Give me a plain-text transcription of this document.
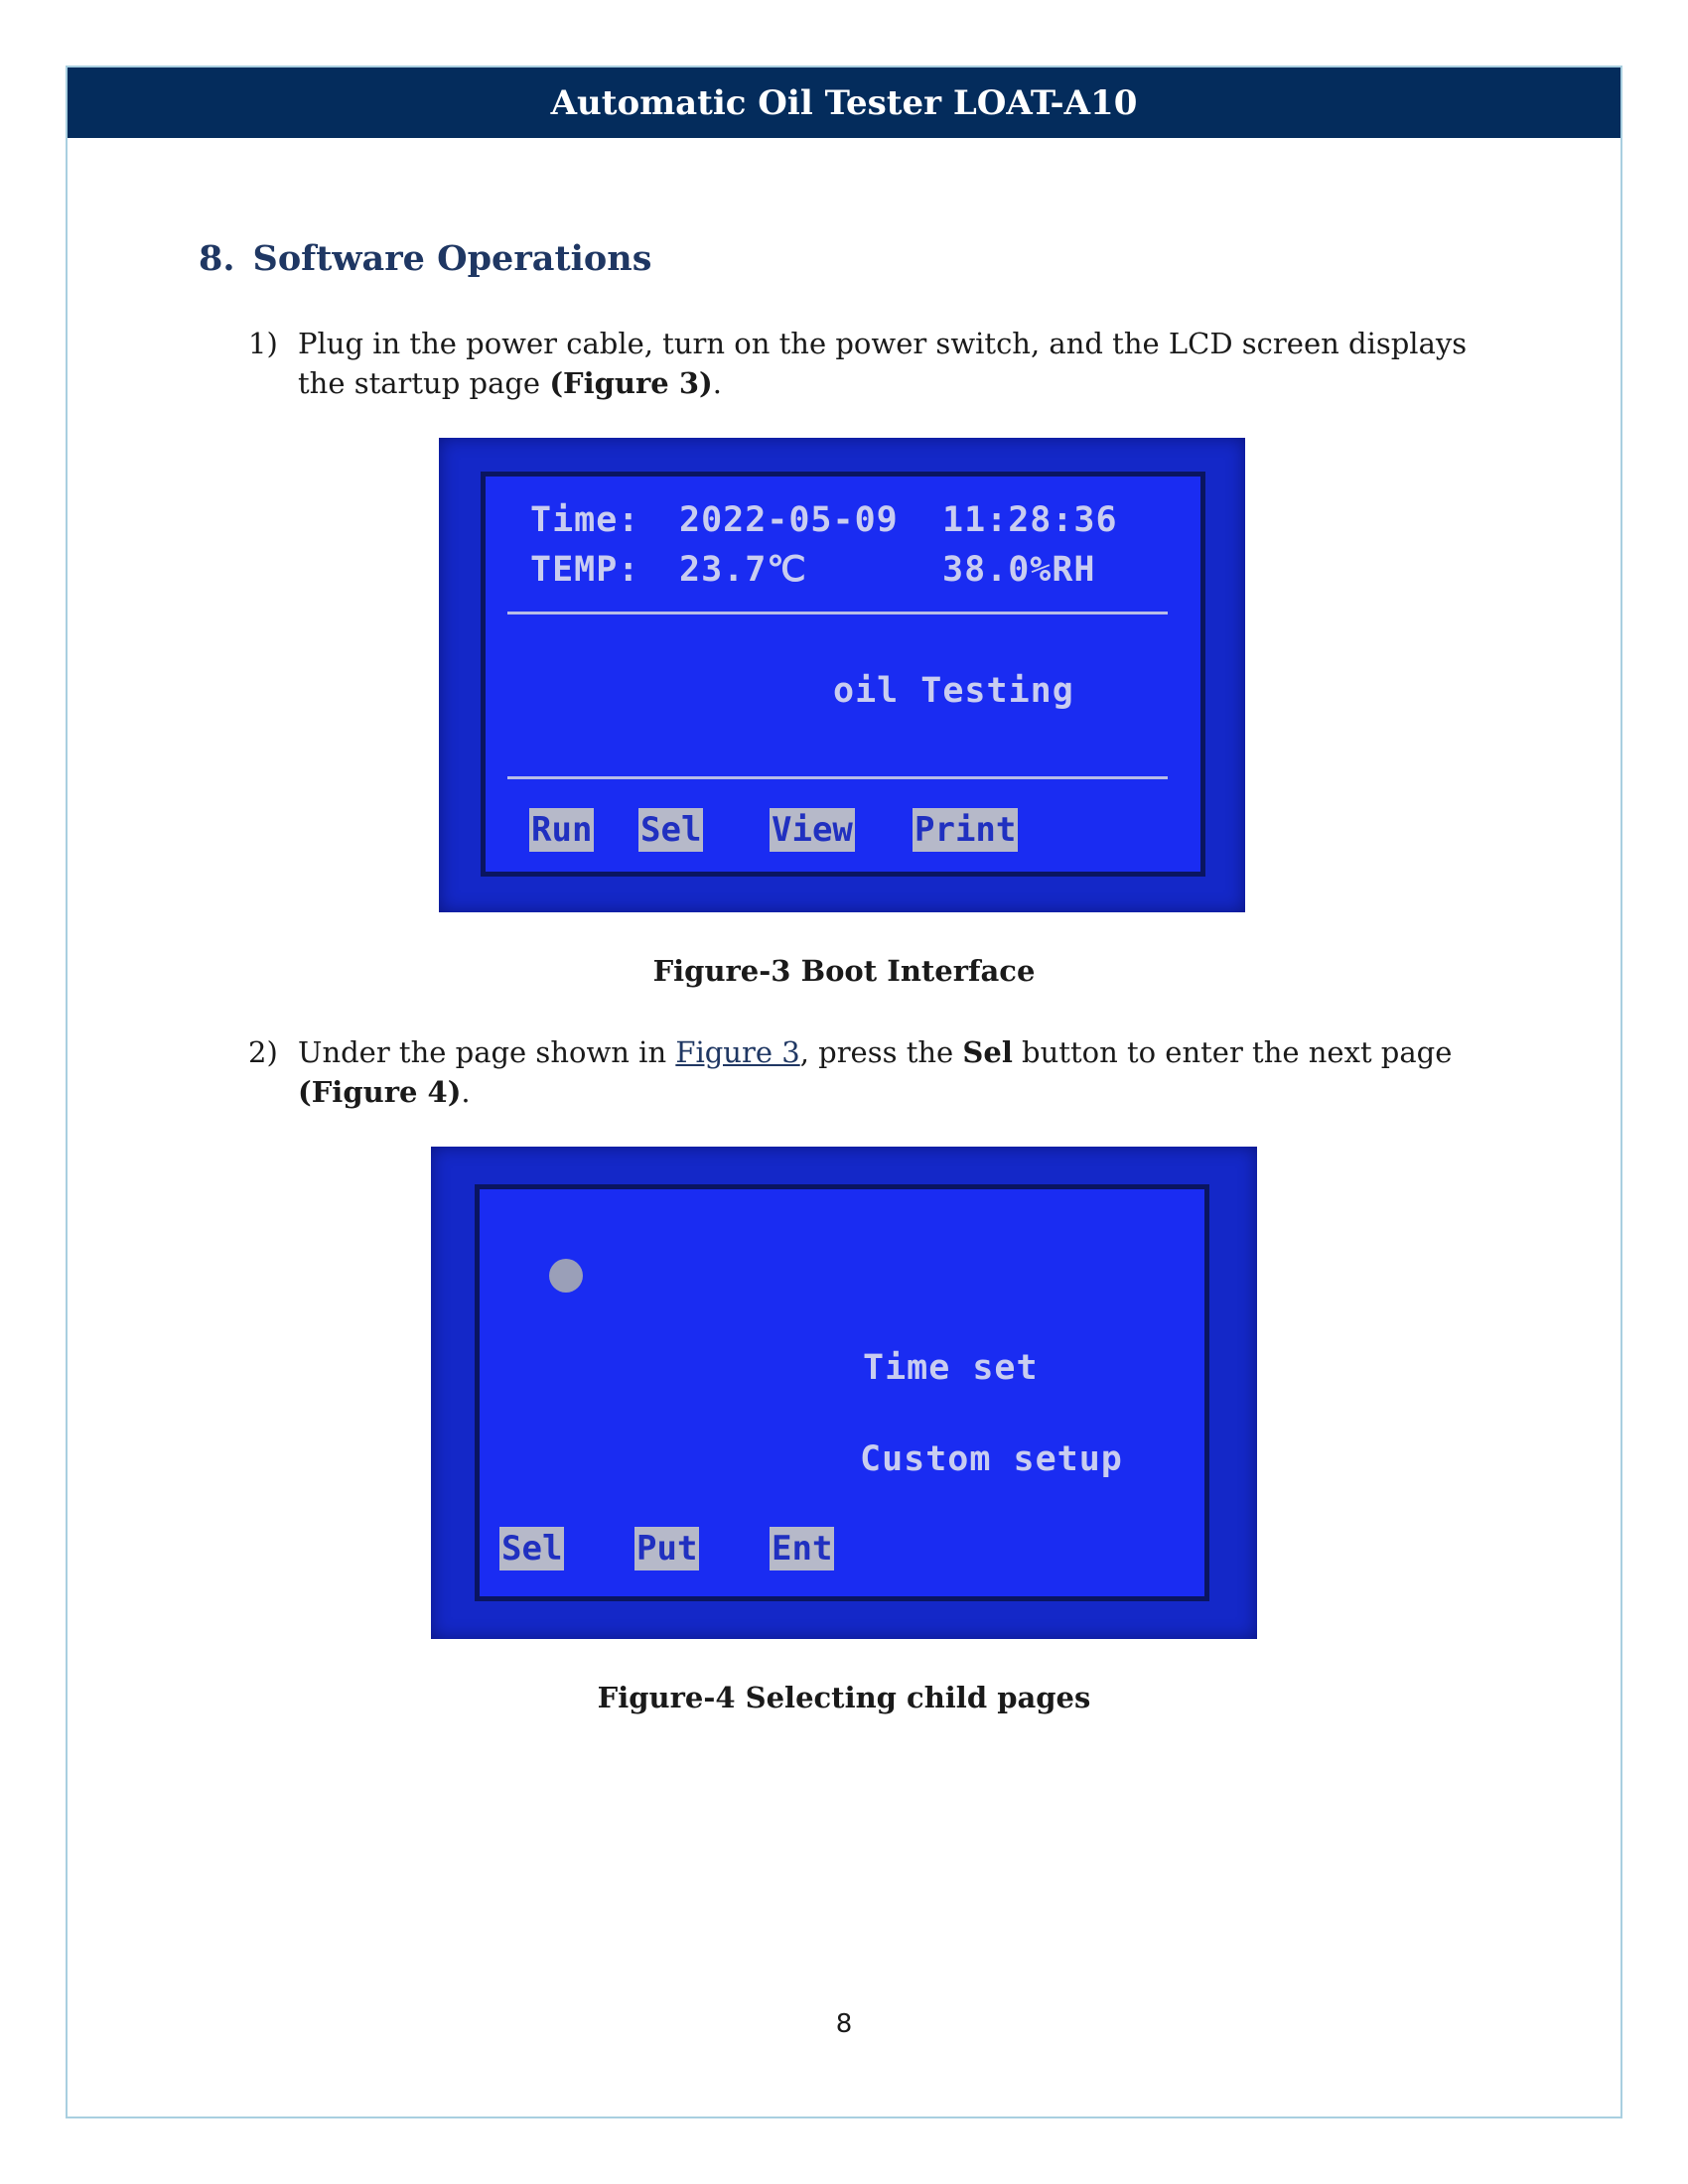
Automatic Oil Tester LOAT-A10
8. Software Operations
1) Plug in the power cable, turn on the power switch, and the LCD screen displays the startup page (Figure 3).
Time: 2022-05-09 11:28:36
TEMP: 23.7℃	38.0%RH
oil Testing
Run Sel View Print
Figure-3 Boot Interface
2) Under the page shown in Figure 3, press the Sel button to enter the next page (Figure 4).
Time set
Custom setup
Sel Put Ent
Figure-4 Selecting child pages
8
